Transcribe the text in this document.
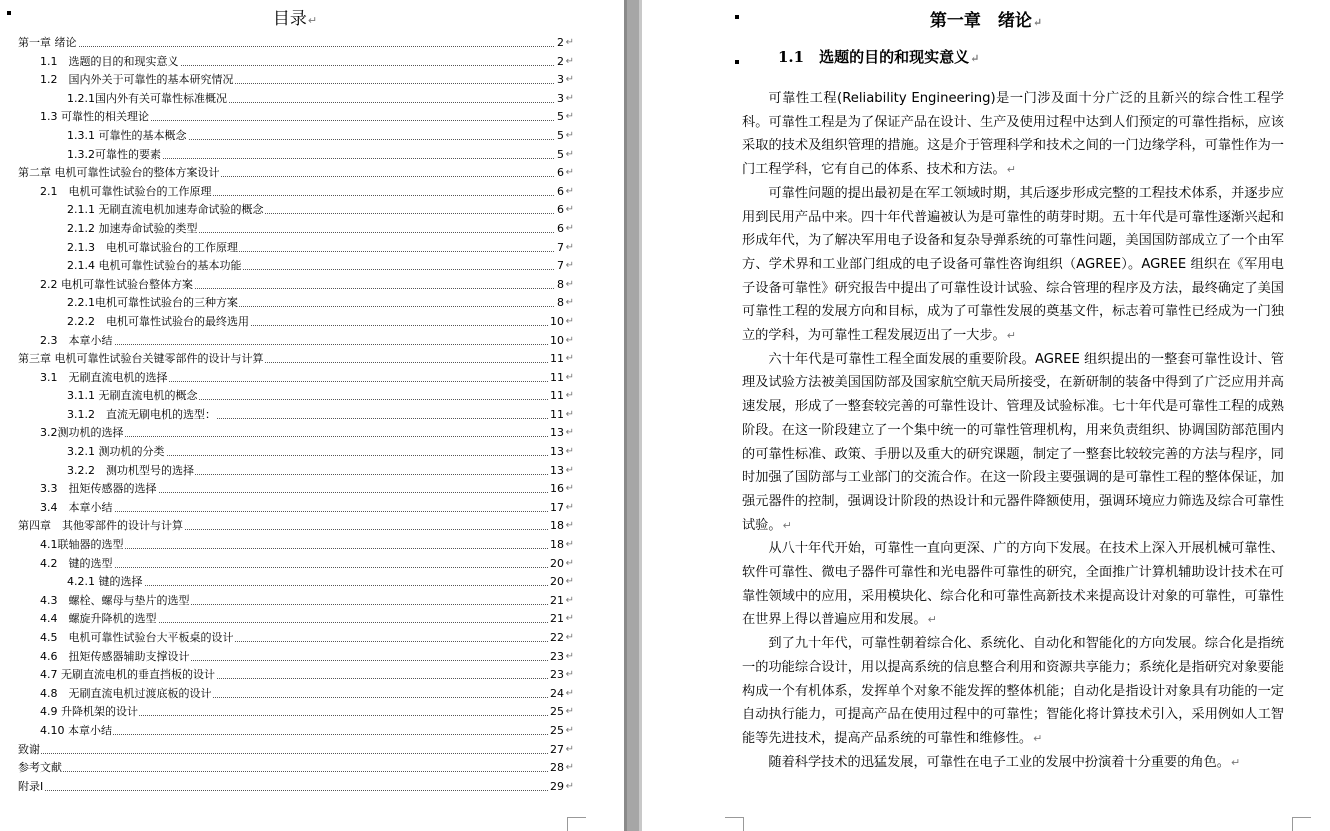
目录↵
第一章 绪论	2 ↵
1.1　选题的目的和现实意义	2 ↵
1.2　国内外关于可靠性的基本研究情况	3 ↵
1.2.1国内外有关可靠性标准概况	3 ↵
1.3 可靠性的相关理论	5 ↵
1.3.1 可靠性的基本概念	5 ↵
1.3.2可靠性的要素	5 ↵
第二章 电机可靠性试验台的整体方案设计	6 ↵
2.1　电机可靠性试验台的工作原理	6 ↵
2.1.1 无刷直流电机加速寿命试验的概念	6 ↵
2.1.2 加速寿命试验的类型	6 ↵
2.1.3　电机可靠试验台的工作原理	7 ↵
2.1.4 电机可靠性试验台的基本功能	7 ↵
2.2 电机可靠性试验台整体方案	8 ↵
2.2.1电机可靠性试验台的三种方案	8 ↵
2.2.2　电机可靠性试验台的最终选用	10 ↵
2.3　本章小结	10 ↵
第三章 电机可靠性试验台关键零部件的设计与计算	11 ↵
3.1　无刷直流电机的选择	11 ↵
3.1.1 无刷直流电机的概念	11 ↵
3.1.2　直流无刷电机的选型：	11 ↵
3.2测功机的选择	13 ↵
3.2.1 测功机的分类	13 ↵
3.2.2　测功机型号的选择	13 ↵
3.3　扭矩传感器的选择	16 ↵
3.4　本章小结	17 ↵
第四章　其他零部件的设计与计算	18 ↵
4.1联轴器的选型	18 ↵
4.2　键的选型	20 ↵
4.2.1 键的选择	20 ↵
4.3　螺栓、螺母与垫片的选型	21 ↵
4.4　螺旋升降机的选型	21 ↵
4.5　电机可靠性试验台大平板桌的设计	22 ↵
4.6　扭矩传感器辅助支撑设计	23 ↵
4.7 无刷直流电机的垂直挡板的设计	23 ↵
4.8　无刷直流电机过渡底板的设计	24 ↵
4.9 升降机架的设计	25 ↵
4.10 本章小结	25 ↵
致谢	27 ↵
参考文献	28 ↵
附录I	29 ↵
第一章　绪论↵
1.1　选题的目的和现实意义↵

可靠性工程(Reliability Engineering)是一门涉及面十分广泛的且新兴的综合性工程学科。可靠性工程是为了保证产品在设计、生产及使用过程中达到人们预定的可靠性指标，应该采取的技术及组织管理的措施。这是介于管理科学和技术之间的一门边缘学科，可靠性作为一门工程学科，它有自己的体系、技术和方法。↵

可靠性问题的提出最初是在军工领域时期，其后逐步形成完整的工程技术体系，并逐步应用到民用产品中来。四十年代普遍被认为是可靠性的萌芽时期。五十年代是可靠性逐渐兴起和形成年代，为了解决军用电子设备和复杂导弹系统的可靠性问题，美国国防部成立了一个由军方、学术界和工业部门组成的电子设备可靠性咨询组织（AGREE）。AGREE 组织在《军用电子设备可靠性》研究报告中提出了可靠性设计试验、综合管理的程序及方法，最终确定了美国可靠性工程的发展方向和目标，成为了可靠性发展的奠基文件，标志着可靠性已经成为一门独立的学科，为可靠性工程发展迈出了一大步。↵

六十年代是可靠性工程全面发展的重要阶段。AGREE 组织提出的一整套可靠性设计、管理及试验方法被美国国防部及国家航空航天局所接受，在新研制的装备中得到了广泛应用并高速发展，形成了一整套较完善的可靠性设计、管理及试验标准。七十年代是可靠性工程的成熟阶段。在这一阶段建立了一个集中统一的可靠性管理机构，用来负责组织、协调国防部范围内的可靠性标准、政策、手册以及重大的研究课题，制定了一整套比较较完善的方法与程序，同时加强了国防部与工业部门的交流合作。在这一阶段主要强调的是可靠性工程的整体保证，加强元器件的控制，强调设计阶段的热设计和元器件降额使用，强调环境应力筛选及综合可靠性试验。↵

从八十年代开始，可靠性一直向更深、广的方向下发展。在技术上深入开展机械可靠性、软件可靠性、微电子器件可靠性和光电器件可靠性的研究，全面推广计算机辅助设计技术在可靠性领域中的应用，采用模块化、综合化和可靠性高新技术来提高设计对象的可靠性，可靠性在世界上得以普遍应用和发展。↵

到了九十年代，可靠性朝着综合化、系统化、自动化和智能化的方向发展。综合化是指统一的功能综合设计，用以提高系统的信息整合利用和资源共享能力；系统化是指研究对象要能构成一个有机体系，发挥单个对象不能发挥的整体机能；自动化是指设计对象具有功能的一定自动执行能力，可提高产品在使用过程中的可靠性；智能化将计算技术引入，采用例如人工智能等先进技术，提高产品系统的可靠性和维修性。↵

随着科学技术的迅猛发展，可靠性在电子工业的发展中扮演着十分重要的角色。↵
